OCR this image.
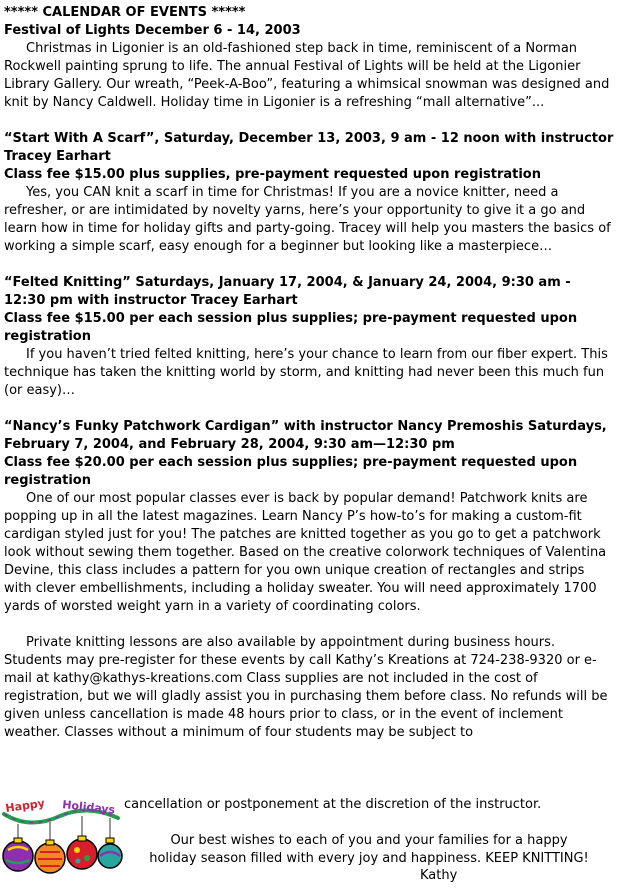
***** CALENDAR OF EVENTS *****

Festival of Lights December 6 - 14, 2003

Christmas in Ligonier is an old-fashioned step back in time, reminiscent of a Norman Rockwell painting sprung to life. The annual Festival of Lights will be held at the Ligonier Library Gallery. Our wreath, “Peek-A-Boo”, featuring a whimsical snowman was designed and knit by Nancy Caldwell. Holiday time in Ligonier is a refreshing “mall alternative”...

“Start With A Scarf”, Saturday, December 13, 2003, 9 am - 12 noon with instructor Tracey Earhart

Class fee $15.00 plus supplies, pre-payment requested upon registration

Yes, you CAN knit a scarf in time for Christmas! If you are a novice knitter, need a refresher, or are intimidated by novelty yarns, here’s your opportunity to give it a go and learn how in time for holiday gifts and party-going. Tracey will help you masters the basics of working a simple scarf, easy enough for a beginner but looking like a masterpiece…

“Felted Knitting” Saturdays, January 17, 2004, & January 24, 2004, 9:30 am - 12:30 pm with instructor Tracey Earhart

Class fee $15.00 per each session plus supplies; pre-payment requested upon registration

If you haven’t tried felted knitting, here’s your chance to learn from our fiber expert. This technique has taken the knitting world by storm, and knitting had never been this much fun (or easy)…

“Nancy’s Funky Patchwork Cardigan” with instructor Nancy Premoshis Saturdays, February 7, 2004, and February 28, 2004, 9:30 am—12:30 pm

Class fee $20.00 per each session plus supplies; pre-payment requested upon registration

One of our most popular classes ever is back by popular demand! Patchwork knits are popping up in all the latest magazines. Learn Nancy P’s how-to’s for making a custom-fit cardigan styled just for you! The patches are knitted together as you go to get a patchwork look without sewing them together. Based on the creative colorwork techniques of Valentina Devine, this class includes a pattern for you own unique creation of rectangles and strips with clever embellishments, including a holiday sweater. You will need approximately 1700 yards of worsted weight yarn in a variety of coordinating colors.

Private knitting lessons are also available by appointment during business hours. Students may pre-register for these events by call Kathy’s Kreations at 724-238-9320 or e-mail at kathy@kathys-kreations.com Class supplies are not included in the cost of registration, but we will gladly assist you in purchasing them before class. No refunds will be given unless cancellation is made 48 hours prior to class, or in the event of inclement weather. Classes without a minimum of four students may be subject to

Happy Holidays cancellation or postponement at the discretion of the instructor.

Our best wishes to each of you and your families for a happy

holiday season filled with every joy and happiness. KEEP KNITTING!

Kathy
